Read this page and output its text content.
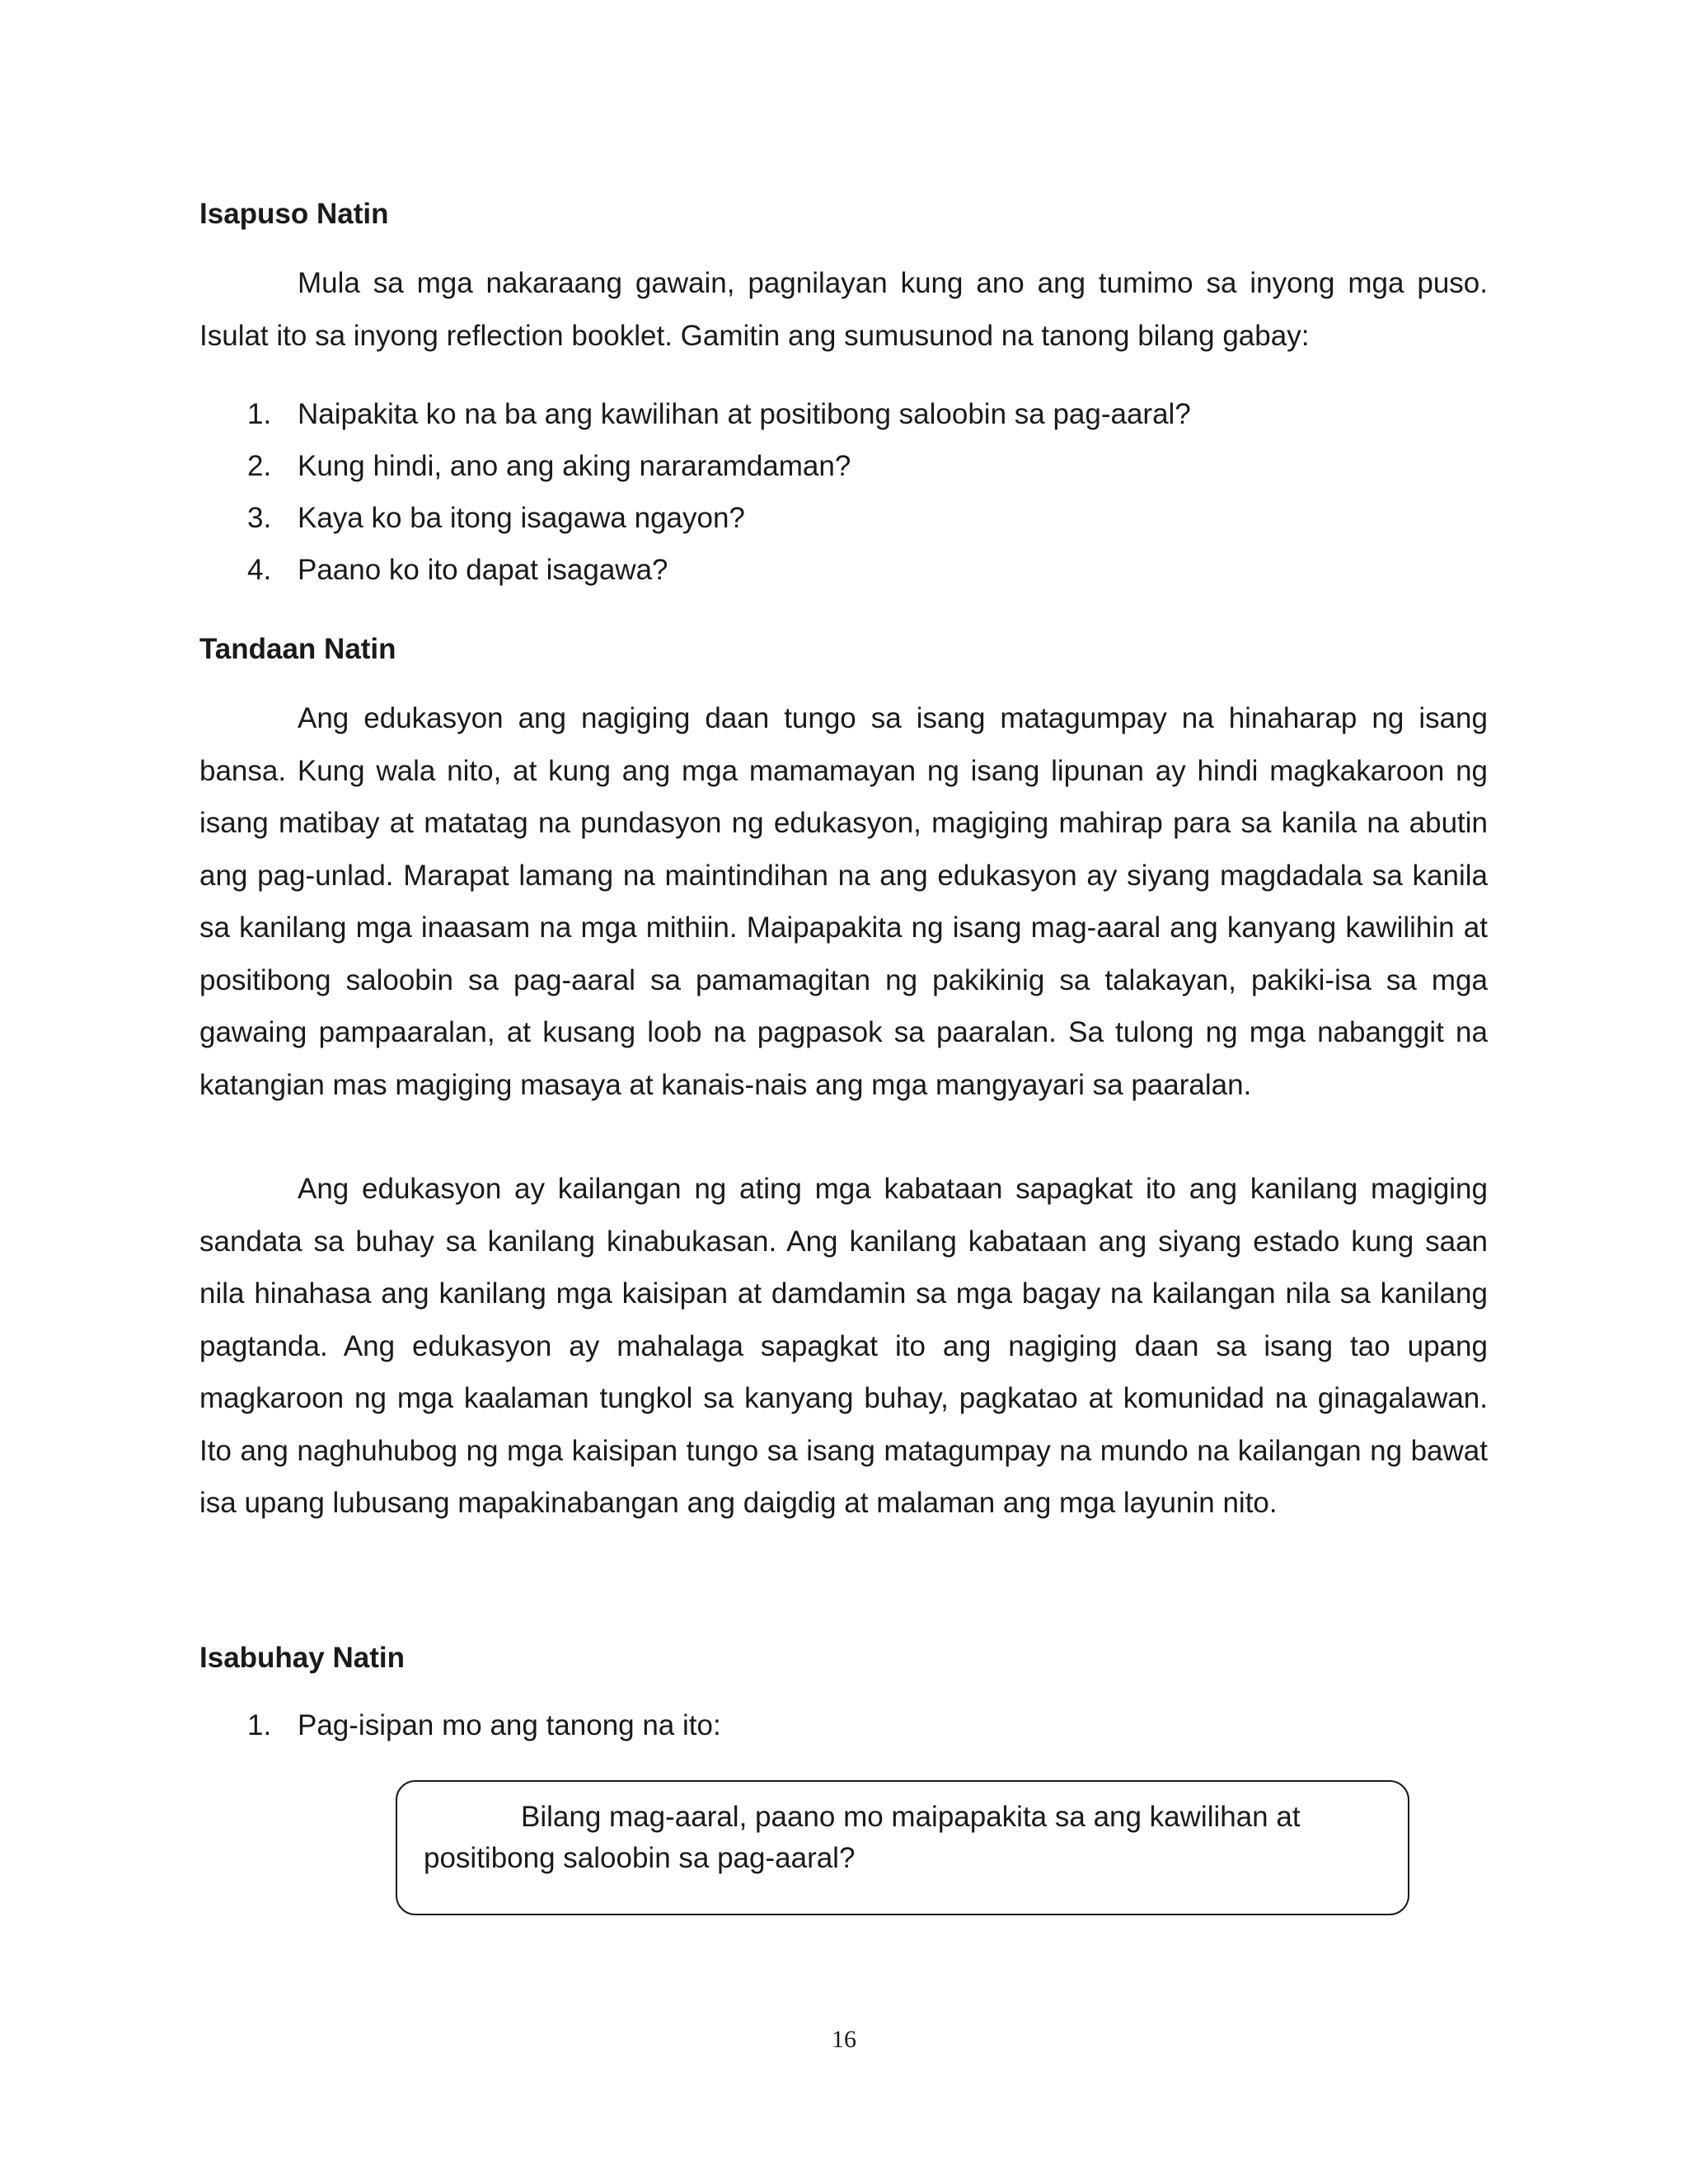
Isapuso Natin

Mula sa mga nakaraang gawain, pagnilayan kung ano ang tumimo sa inyong mga puso. Isulat ito sa inyong reflection booklet. Gamitin ang sumusunod na tanong bilang gabay:

1. Naipakita ko na ba ang kawilihan at positibong saloobin sa pag-aaral?
2. Kung hindi, ano ang aking nararamdaman?
3. Kaya ko ba itong isagawa ngayon?
4. Paano ko ito dapat isagawa?
Tandaan Natin

Ang edukasyon ang nagiging daan tungo sa isang matagumpay na hinaharap ng isang bansa. Kung wala nito, at kung ang mga mamamayan ng isang lipunan ay hindi magkakaroon ng isang matibay at matatag na pundasyon ng edukasyon, magiging mahirap para sa kanila na abutin ang pag-unlad. Marapat lamang na maintindihan na ang edukasyon ay siyang magdadala sa kanila sa kanilang mga inaasam na mga mithiin. Maipapakita ng isang mag-aaral ang kanyang kawilihin at positibong saloobin sa pag-aaral sa pamamagitan ng pakikinig sa talakayan, pakiki-isa sa mga gawaing pampaaralan, at kusang loob na pagpasok sa paaralan. Sa tulong ng mga nabanggit na katangian mas magiging masaya at kanais-nais ang mga mangyayari sa paaralan.

Ang edukasyon ay kailangan ng ating mga kabataan sapagkat ito ang kanilang magiging sandata sa buhay sa kanilang kinabukasan. Ang kanilang kabataan ang siyang estado kung saan nila hinahasa ang kanilang mga kaisipan at damdamin sa mga bagay na kailangan nila sa kanilang pagtanda. Ang edukasyon ay mahalaga sapagkat ito ang nagiging daan sa isang tao upang magkaroon ng mga kaalaman tungkol sa kanyang buhay, pagkatao at komunidad na ginagalawan. Ito ang naghuhubog ng mga kaisipan tungo sa isang matagumpay na mundo na kailangan ng bawat isa upang lubusang mapakinabangan ang daigdig at malaman ang mga layunin nito.

Isabuhay Natin
1. Pag-isipan mo ang tanong na ito:

Bilang mag-aaral, paano mo maipapakita sa ang kawilihan at positibong saloobin sa pag-aaral?

16
